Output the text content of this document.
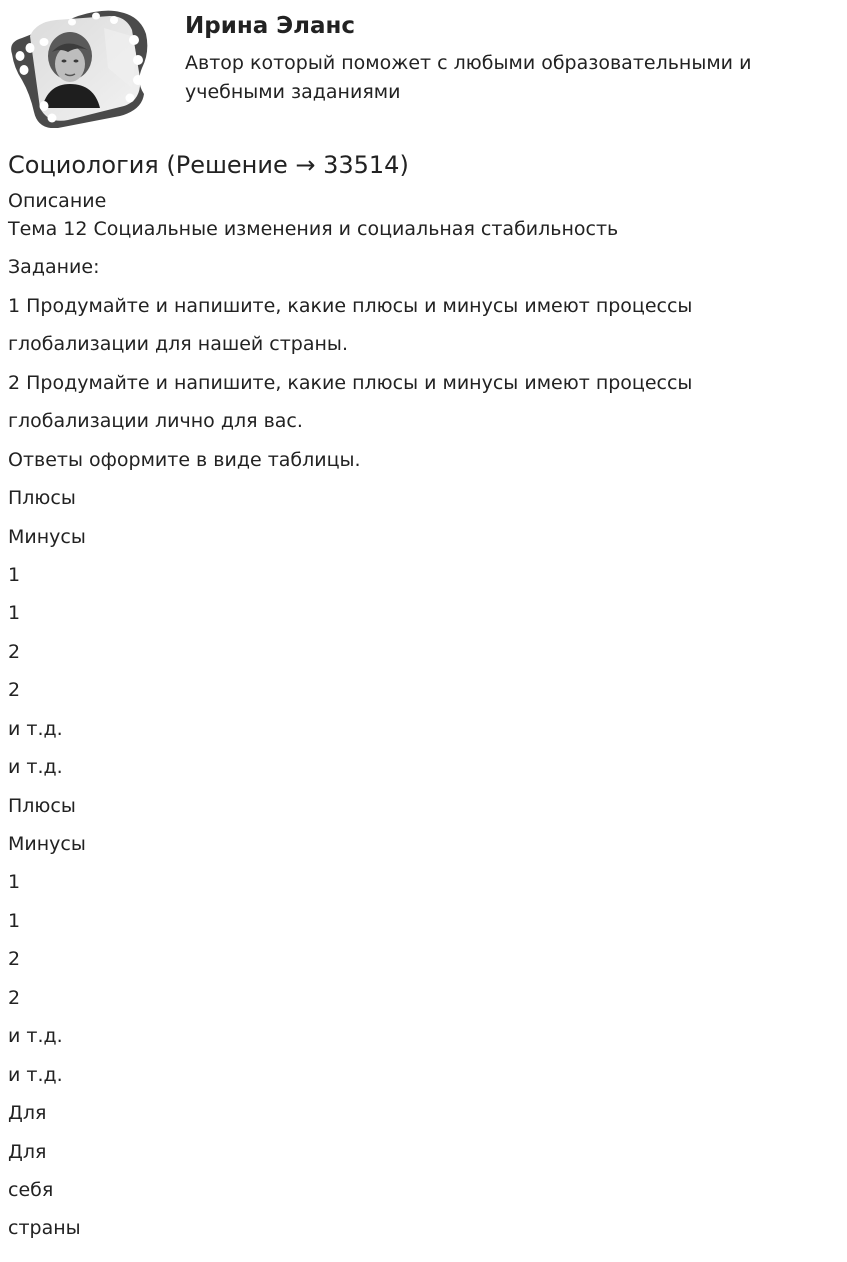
Ирина Эланс
Автор который поможет с любыми образовательными и учебными заданиями
Социология (Решение → 33514)
Описание
Тема 12 Социальные изменения и социальная стабильность
Задание:
1 Продумайте и напишите, какие плюсы и минусы имеют процессы
глобализации для нашей страны.
2 Продумайте и напишите, какие плюсы и минусы имеют процессы
глобализации лично для вас.
Ответы оформите в виде таблицы.
Плюсы
Минусы
1
1
2
2
и т.д.
и т.д.
Плюсы
Минусы
1
1
2
2
и т.д.
и т.д.
Для
Для
себя
страны
